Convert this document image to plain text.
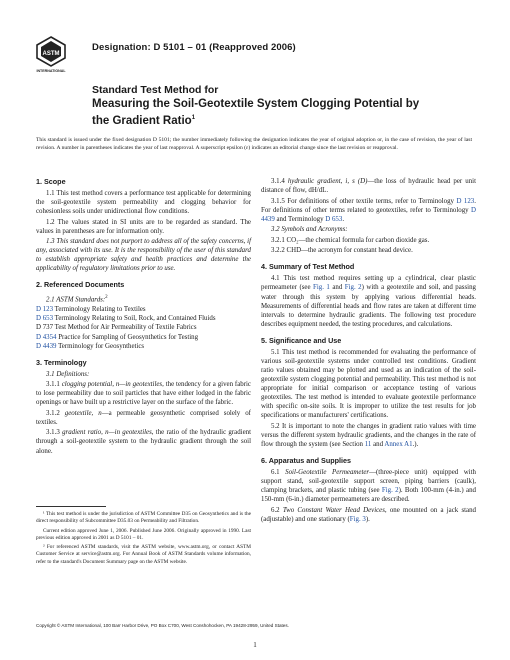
ASTM
INTERNATIONAL
Designation: D 5101 – 01 (Reapproved 2006)
Standard Test Method for
Measuring the Soil-Geotextile System Clogging Potential by
the Gradient Ratio$^1$
This standard is issued under the fixed designation D 5101; the number immediately following the designation indicates the year of original adoption or, in the case of revision, the year of last revision. A number in parentheses indicates the year of last reapproval. A superscript epsilon (ε) indicates an editorial change since the last revision or reapproval.
1. Scope

1.1 This test method covers a performance test applicable for determining the soil-geotextile system permeability and clogging behavior for cohesionless soils under unidirectional flow conditions.

1.2 The values stated in SI units are to be regarded as standard. The values in parentheses are for information only.

1.3 This standard does not purport to address all of the safety concerns, if any, associated with its use. It is the responsibility of the user of this standard to establish appropriate safety and health practices and determine the applicability of regulatory limitations prior to use.

2. Referenced Documents

2.1 ASTM Standards:$^2$

D 123 Terminology Relating to Textiles

D 653 Terminology Relating to Soil, Rock, and Contained Fluids

D 737 Test Method for Air Permeability of Textile Fabrics

D 4354 Practice for Sampling of Geosynthetics for Testing

D 4439 Terminology for Geosynthetics

3. Terminology

3.1 Definitions:

3.1.1 clogging potential, n—in geotextiles, the tendency for a given fabric to lose permeability due to soil particles that have either lodged in the fabric openings or have built up a restrictive layer on the surface of the fabric.

3.1.2 geotextile, n—a permeable geosynthetic comprised solely of textiles.

3.1.3 gradient ratio, n—in geotextiles, the ratio of the hydraulic gradient through a soil-geotextile system to the hydraulic gradient through the soil alone.

¹ This test method is under the jurisdiction of ASTM Committee D35 on Geosynthetics and is the direct responsibility of Subcommittee D35.03 on Permeability and Filtration.

Current edition approved June 1, 2006. Published June 2006. Originally approved in 1990. Last previous edition approved in 2001 as D 5101 – 01.

² For referenced ASTM standards, visit the ASTM website, www.astm.org, or contact ASTM Customer Service at service@astm.org. For Annual Book of ASTM Standards volume information, refer to the standard's Document Summary page on the ASTM website.

3.1.4 hydraulic gradient, i, s (D)—the loss of hydraulic head per unit distance of flow, dH/dL.

3.1.5 For definitions of other textile terms, refer to Terminology D 123. For definitions of other terms related to geotextiles, refer to Terminology D 4439 and Terminology D 653.

3.2 Symbols and Acronyms:

3.2.1 CO₂—the chemical formula for carbon dioxide gas.

3.2.2 CHD—the acronym for constant head device.

4. Summary of Test Method

4.1 This test method requires setting up a cylindrical, clear plastic permeameter (see Fig. 1 and Fig. 2) with a geotextile and soil, and passing water through this system by applying various differential heads. Measurements of differential heads and flow rates are taken at different time intervals to determine hydraulic gradients. The following test procedure describes equipment needed, the testing procedures, and calculations.

5. Significance and Use

5.1 This test method is recommended for evaluating the performance of various soil-geotextile systems under controlled test conditions. Gradient ratio values obtained may be plotted and used as an indication of the soil-geotextile system clogging potential and permeability. This test method is not appropriate for initial comparison or acceptance testing of various geotextiles. The test method is intended to evaluate geotextile performance with specific on-site soils. It is improper to utilize the test results for job specifications or manufacturers' certifications.

5.2 It is important to note the changes in gradient ratio values with time versus the different system hydraulic gradients, and the changes in the rate of flow through the system (see Section 11 and Annex A1.).

6. Apparatus and Supplies

6.1 Soil-Geotextile Permeameter—(three-piece unit) equipped with support stand, soil-geotextile support screen, piping barriers (caulk), clamping brackets, and plastic tubing (see Fig. 2). Both 100-mm (4-in.) and 150-mm (6-in.) diameter permeameters are described.

6.2 Two Constant Water Head Devices, one mounted on a jack stand (adjustable) and one stationary (Fig. 3).

Copyright © ASTM International, 100 Barr Harbor Drive, PO Box C700, West Conshohocken, PA 19428-2959, United States.
1
